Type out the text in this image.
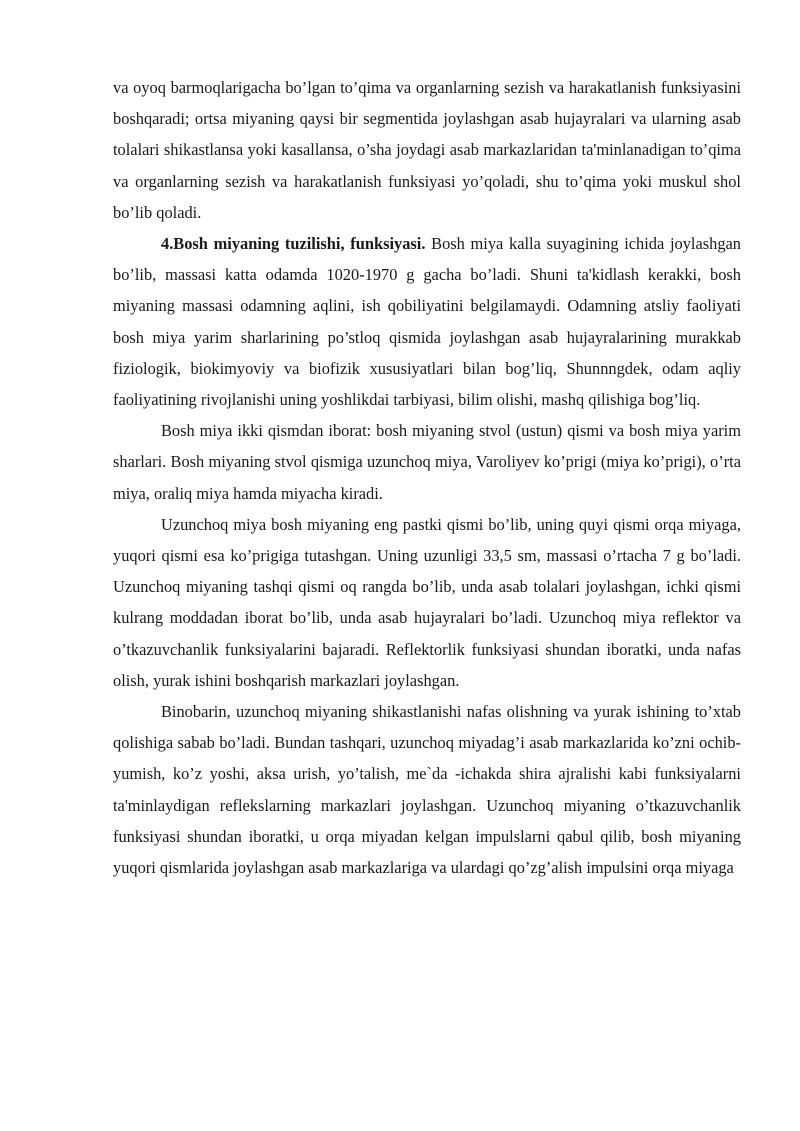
va oyoq barmoqlarigacha bo’lgan to’qima va organlarning sezish va harakatlanish funksiyasini boshqaradi; ortsa miyaning qaysi bir segmentida joylashgan asab hujayralari va ularning asab tolalari shikastlansa yoki kasallansa, o’sha joydagi asab markazlaridan ta'minlanadigan to’qima va organlarning sezish va harakatlanish funksiyasi yo’qoladi, shu to’qima yoki muskul shol bo’lib qoladi.

4.Bosh miyaning tuzilishi, funksiyasi. Bosh miya kalla suyagining ichida joylashgan bo’lib, massasi katta odamda 1020-1970 g gacha bo’ladi. Shuni ta'kidlash kerakki, bosh miyaning massasi odamning aqlini, ish qobiliyatini belgilamaydi. Odamning atsliy faoliyati bosh miya yarim sharlarining po’stloq qismida joylashgan asab hujayralarining murakkab fiziologik, biokimyoviy va biofizik xususiyatlari bilan bog’liq, Shunnngdek, odam aqliy faoliyatining rivojlanishi uning yoshlikdai tarbiyasi, bilim olishi, mashq qilishiga bog’liq.

Bosh miya ikki qismdan iborat: bosh miyaning stvol (ustun) qismi va bosh miya yarim sharlari. Bosh miyaning stvol qismiga uzunchoq miya, Varoliyev ko’prigi (miya ko’prigi), o’rta miya, oraliq miya hamda miyacha kiradi.

Uzunchoq miya bosh miyaning eng pastki qismi bo’lib, uning quyi qismi orqa miyaga, yuqori qismi esa ko’prigiga tutashgan. Uning uzunligi 33,5 sm, massasi o’rtacha 7 g bo’ladi. Uzunchoq miyaning tashqi qismi oq rangda bo’lib, unda asab tolalari joylashgan, ichki qismi kulrang moddadan iborat bo’lib, unda asab hujayralari bo’ladi. Uzunchoq miya reflektor va o’tkazuvchanlik funksiyalarini bajaradi. Reflektorlik funksiyasi shundan iboratki, unda nafas olish, yurak ishini boshqarish markazlari joylashgan.

Binobarin, uzunchoq miyaning shikastlanishi nafas olishning va yurak ishining to’xtab qolishiga sabab bo’ladi. Bundan tashqari, uzunchoq miyadag’i asab markazlarida ko’zni ochib-yumish, ko’z yoshi, aksa urish, yo’talish, me`da -ichakda shira ajralishi kabi funksiyalarni ta'minlaydigan reflekslarning markazlari joylashgan. Uzunchoq miyaning o’tkazuvchanlik funksiyasi shundan iboratki, u orqa miyadan kelgan impulslarni qabul qilib, bosh miyaning yuqori qismlarida joylashgan asab markazlariga va ulardagi qo’zg’alish impulsini orqa miyaga
